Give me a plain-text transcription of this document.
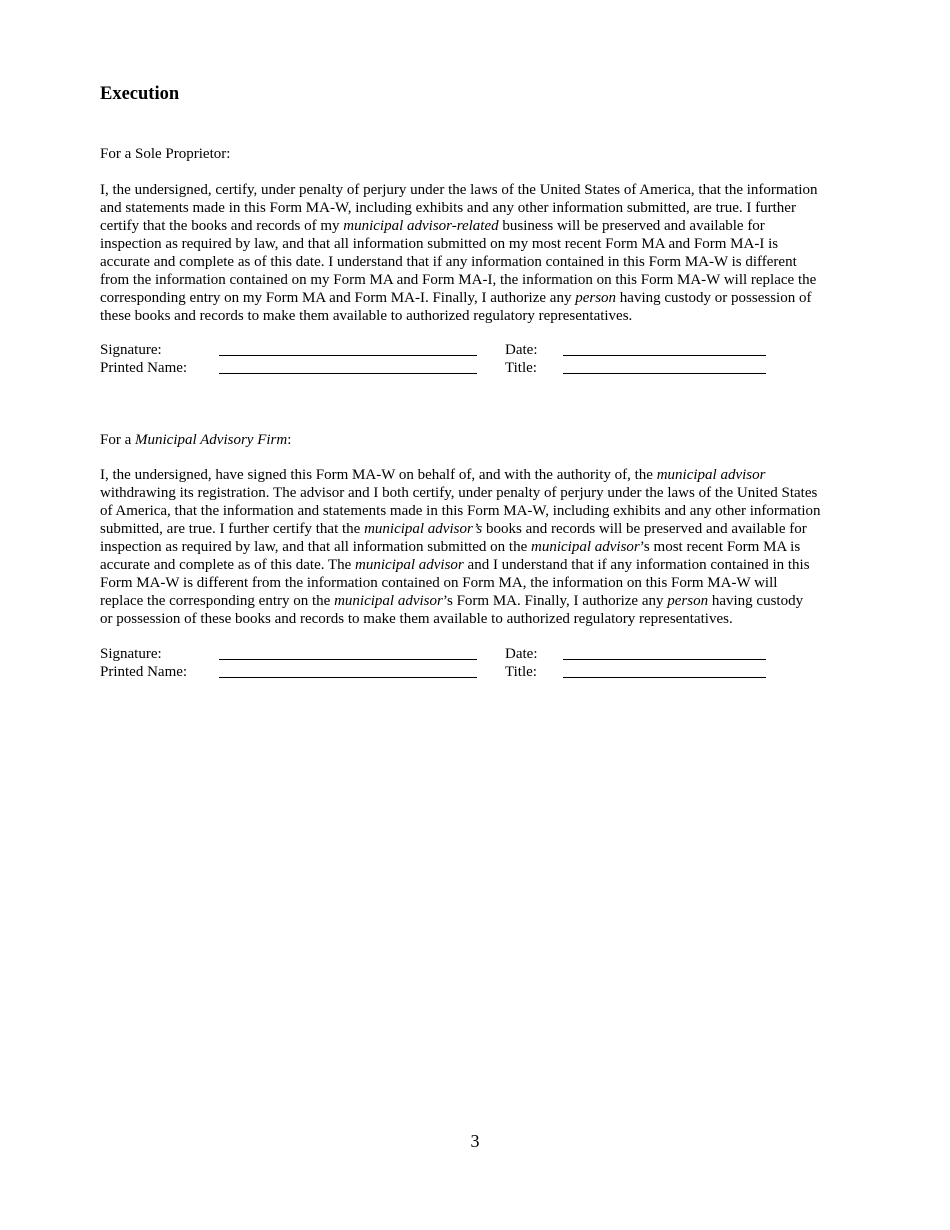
Execution
For a Sole Proprietor:
I, the undersigned, certify, under penalty of perjury under the laws of the United States of America, that the information
and statements made in this Form MA-W, including exhibits and any other information submitted, are true. I further
certify that the books and records of my municipal advisor-related business will be preserved and available for
inspection as required by law, and that all information submitted on my most recent Form MA and Form MA-I is
accurate and complete as of this date. I understand that if any information contained in this Form MA-W is different
from the information contained on my Form MA and Form MA-I, the information on this Form MA-W will replace the
corresponding entry on my Form MA and Form MA-I. Finally, I authorize any person having custody or possession of
these books and records to make them available to authorized regulatory representatives.
Signature:	Date:
Printed Name:	Title:
For a Municipal Advisory Firm:
I, the undersigned, have signed this Form MA-W on behalf of, and with the authority of, the municipal advisor
withdrawing its registration. The advisor and I both certify, under penalty of perjury under the laws of the United States
of America, that the information and statements made in this Form MA-W, including exhibits and any other information
submitted, are true. I further certify that the municipal advisor’s books and records will be preserved and available for
inspection as required by law, and that all information submitted on the municipal advisor’s most recent Form MA is
accurate and complete as of this date. The municipal advisor and I understand that if any information contained in this
Form MA-W is different from the information contained on Form MA, the information on this Form MA-W will
replace the corresponding entry on the municipal advisor’s Form MA. Finally, I authorize any person having custody
or possession of these books and records to make them available to authorized regulatory representatives.
Signature:	Date:
Printed Name:	Title:
3
